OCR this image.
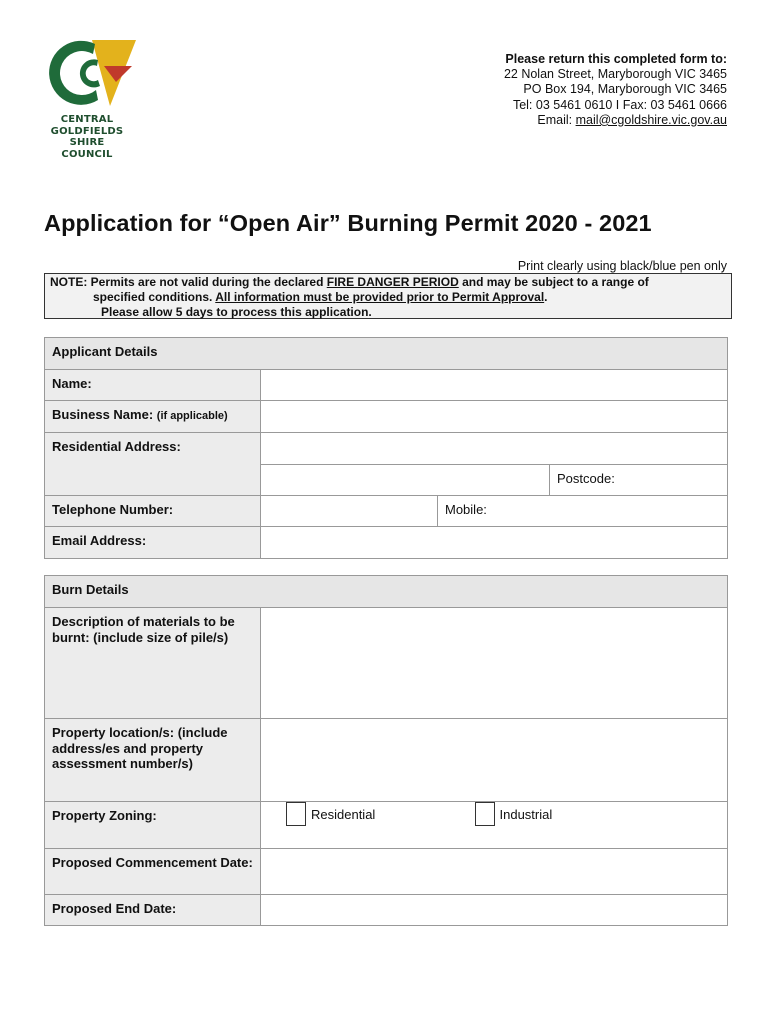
CENTRAL
GOLDFIELDS
SHIRE
COUNCIL
Please return this completed form to:
22 Nolan Street, Maryborough VIC 3465
PO Box 194, Maryborough VIC 3465
Tel: 03 5461 0610 I Fax: 03 5461 0666
Email: mail@cgoldshire.vic.gov.au
Application for “Open Air” Burning Permit 2020 - 2021
Print clearly using black/blue pen only
NOTE: Permits are not valid during the declared FIRE DANGER PERIOD and may be subject to a range of
specified conditions. All information must be provided prior to Permit Approval.
Please allow 5 days to process this application.
Applicant Details			
Name:			
Business Name: (if applicable)			
Residential Address:			

			Postcode:

Telephone Number:		Mobile:	

Email Address:			
Burn Details		
Description of materials to be burnt: (include size of pile/s)		
Property location/s: (include address/es and property assessment number/s)		
Property Zoning:	Residential	Industrial

Proposed Commencement Date:		
Proposed End Date:		
